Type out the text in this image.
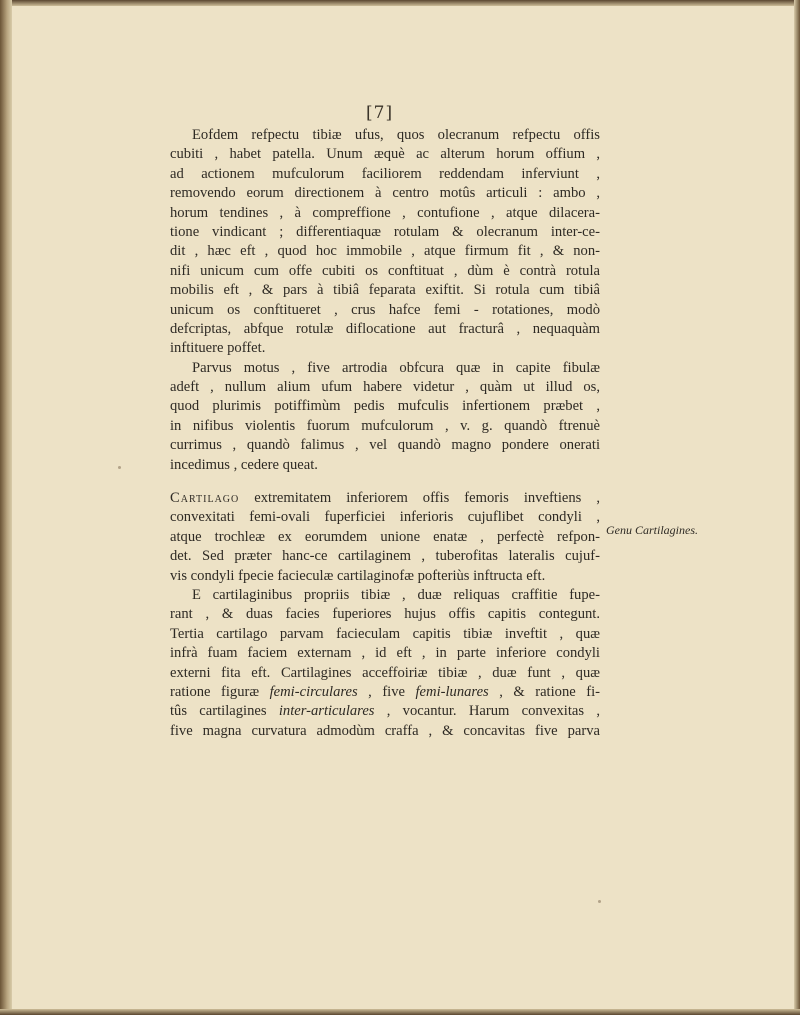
[7]
Eofdem refpectu tibiæ ufus, quos olecranum refpectu offis
cubiti , habet patella. Unum æquè ac alterum horum offium ,
ad actionem mufculorum faciliorem reddendam inferviunt ,
removendo eorum directionem à centro motûs articuli : ambo ,
horum tendines , à compreffione , contufione , atque dilacera-
tione vindicant ; differentiaquæ rotulam & olecranum inter-ce-
dit , hæc eft , quod hoc immobile , atque firmum fit , & non-
nifi unicum cum offe cubiti os conftituat , dùm è contrà rotula
mobilis eft , & pars à tibiâ feparata exiftit. Si rotula cum tibiâ
unicum os conftitueret , crus hafce femi - rotationes, modò
defcriptas, abfque rotulæ diflocatione aut fracturâ , nequaquàm
inftituere poffet.
Parvus motus , five artrodia obfcura quæ in capite fibulæ
adeft , nullum alium ufum habere videtur , quàm ut illud os,
quod plurimis potiffimùm pedis mufculis infertionem præbet ,
in nifibus violentis fuorum mufculorum , v. g. quandò ftrenuè
currimus , quandò falimus , vel quandò magno pondere onerati
incedimus , cedere queat.
Cartilago extremitatem inferiorem offis femoris inveftiens ,
convexitati femi-ovali fuperficiei inferioris cujuflibet condyli ,
atque trochleæ ex eorumdem unione enatæ , perfectè refpon-
det. Sed præter hanc-ce cartilaginem , tuberofitas lateralis cujuf-
vis condyli fpecie facieculæ cartilaginofæ pofteriùs inftructa eft.
E cartilaginibus propriis tibiæ , duæ reliquas craffitie fupe-
rant , & duas facies fuperiores hujus offis capitis contegunt.
Tertia cartilago parvam facieculam capitis tibiæ inveftit , quæ
infrà fuam faciem externam , id eft , in parte inferiore condyli
externi fita eft. Cartilagines acceffoiriæ tibiæ , duæ funt , quæ
ratione figuræ femi-circulares , five femi-lunares , & ratione fi-
tûs cartilagines inter-articulares , vocantur. Harum convexitas ,
five magna curvatura admodùm craffa , & concavitas five parva
Genu Cartilagines.
